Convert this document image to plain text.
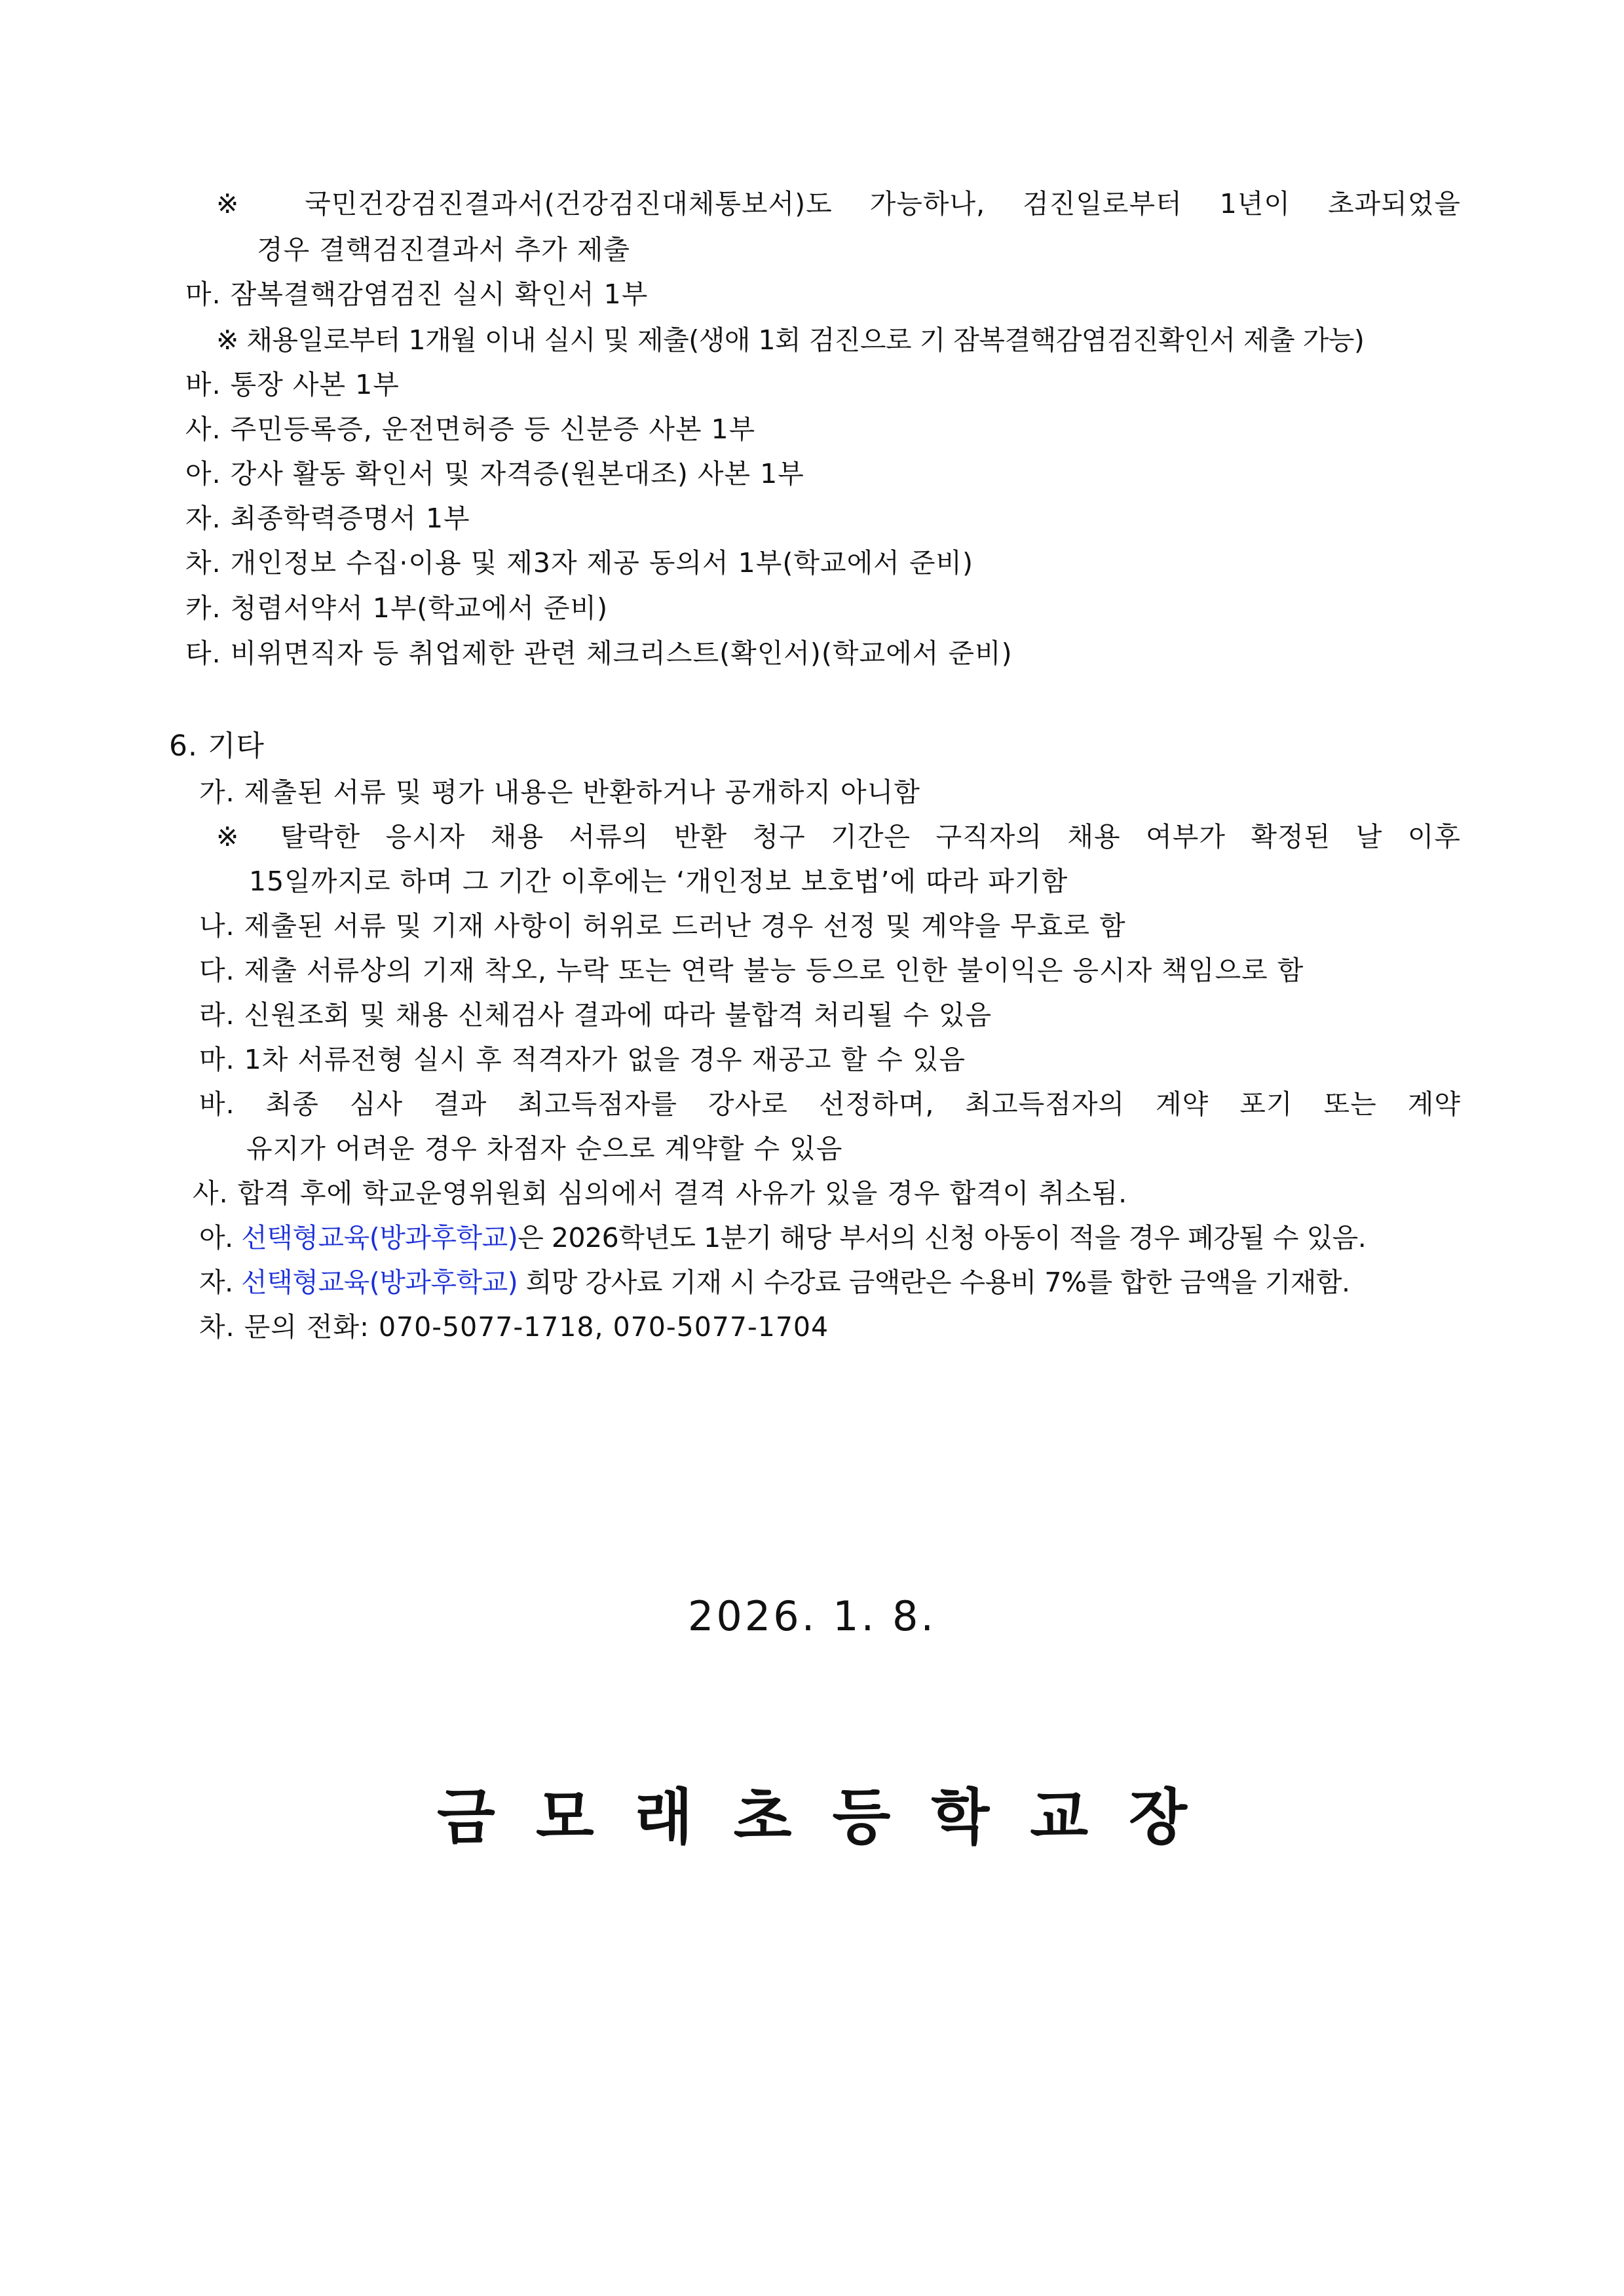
※ 국민건강검진결과서(건강검진대체통보서)도 가능하나, 검진일로부터 1년이 초과되었을
경우 결핵검진결과서 추가 제출
마. 잠복결핵감염검진 실시 확인서 1부
※ 채용일로부터 1개월 이내 실시 및 제출(생애 1회 검진으로 기 잠복결핵감염검진확인서 제출 가능)
바. 통장 사본 1부
사. 주민등록증, 운전면허증 등 신분증 사본 1부
아. 강사 활동 확인서 및 자격증(원본대조) 사본 1부
자. 최종학력증명서 1부
차. 개인정보 수집·이용 및 제3자 제공 동의서 1부(학교에서 준비)
카. 청렴서약서 1부(학교에서 준비)
타. 비위면직자 등 취업제한 관련 체크리스트(확인서)(학교에서 준비)
6. 기타
가. 제출된 서류 및 평가 내용은 반환하거나 공개하지 아니함
※ 탈락한 응시자 채용 서류의 반환 청구 기간은 구직자의 채용 여부가 확정된 날 이후
15일까지로 하며 그 기간 이후에는 ‘개인정보 보호법’에 따라 파기함
나. 제출된 서류 및 기재 사항이 허위로 드러난 경우 선정 및 계약을 무효로 함
다. 제출 서류상의 기재 착오, 누락 또는 연락 불능 등으로 인한 불이익은 응시자 책임으로 함
라. 신원조회 및 채용 신체검사 결과에 따라 불합격 처리될 수 있음
마. 1차 서류전형 실시 후 적격자가 없을 경우 재공고 할 수 있음
바. 최종 심사 결과 최고득점자를 강사로 선정하며, 최고득점자의 계약 포기 또는 계약
유지가 어려운 경우 차점자 순으로 계약할 수 있음
사. 합격 후에 학교운영위원회 심의에서 결격 사유가 있을 경우 합격이 취소됨.
아. 선택형교육(방과후학교)은 2026학년도 1분기 해당 부서의 신청 아동이 적을 경우 폐강될 수 있음.
자. 선택형교육(방과후학교) 희망 강사료 기재 시 수강료 금액란은 수용비 7%를 합한 금액을 기재함.
차. 문의 전화: 070-5077-1718, 070-5077-1704
2026. 1. 8.
금모래초등학교장
